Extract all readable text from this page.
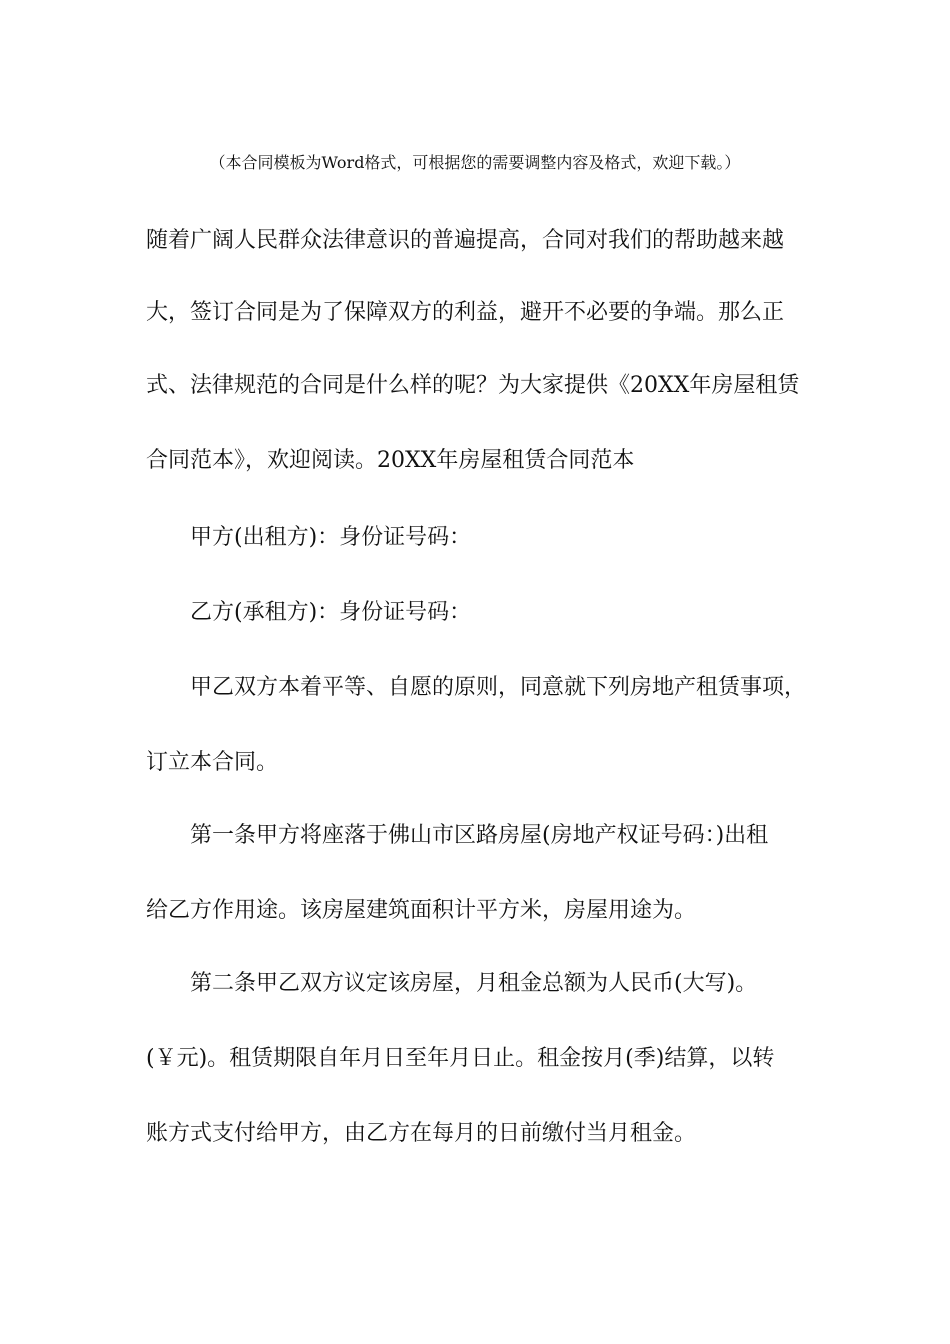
（本合同模板为Word格式，可根据您的需要调整内容及格式，欢迎下载。）
随着广阔人民群众法律意识的普遍提高，合同对我们的帮助越来越
大，签订合同是为了保障双方的利益，避开不必要的争端。那么正
式、法律规范的合同是什么样的呢？为大家提供《20XX年房屋租赁
合同范本》，欢迎阅读。20XX年房屋租赁合同范本
甲方(出租方)：身份证号码：
乙方(承租方)：身份证号码：
甲乙双方本着平等、自愿的原则，同意就下列房地产租赁事项，
订立本合同。
第一条甲方将座落于佛山市区路房屋(房地产权证号码：)出租
给乙方作用途。该房屋建筑面积计平方米，房屋用途为。
第二条甲乙双方议定该房屋，月租金总额为人民币(大写)。
(￥元)。租赁期限自年月日至年月日止。租金按月(季)结算，以转
账方式支付给甲方，由乙方在每月的日前缴付当月租金。
